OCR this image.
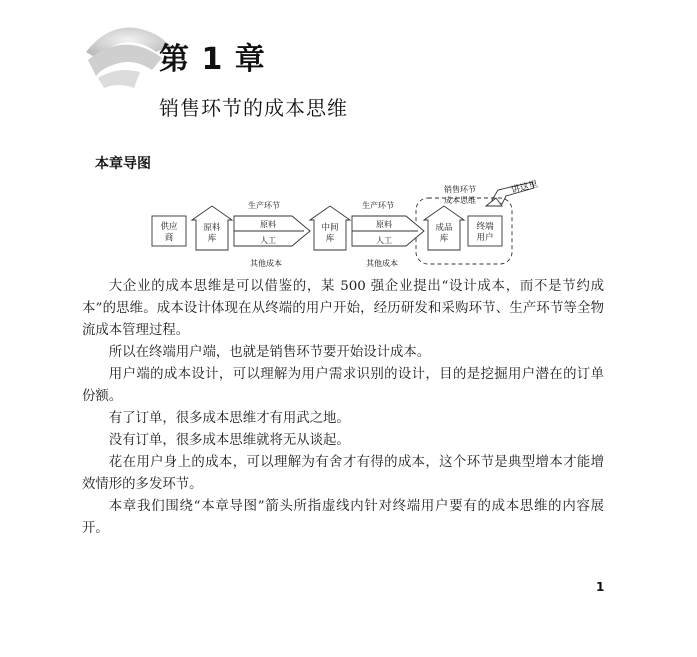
第 1 章
销售环节的成本思维
本章导图
讲这里
供应
商
原料
库
生产环节
原料
人工
其他成本
中间
库
生产环节
原料
人工
其他成本
销售环节
成本思维
成品
库
终端
用户

大企业的成本思维是可以借鉴的，某 500 强企业提出“设计成本，而不是节约成本”的思维。成本设计体现在从终端的用户开始，经历研发和采购环节、生产环节等全物流成本管理过程。

所以在终端用户端，也就是销售环节要开始设计成本。

用户端的成本设计，可以理解为用户需求识别的设计，目的是挖掘用户潜在的订单份额。

有了订单，很多成本思维才有用武之地。

没有订单，很多成本思维就将无从谈起。

花在用户身上的成本，可以理解为有舍才有得的成本，这个环节是典型增本才能增效情形的多发环节。

本章我们围绕“本章导图”箭头所指虚线内针对终端用户要有的成本思维的内容展开。

1
